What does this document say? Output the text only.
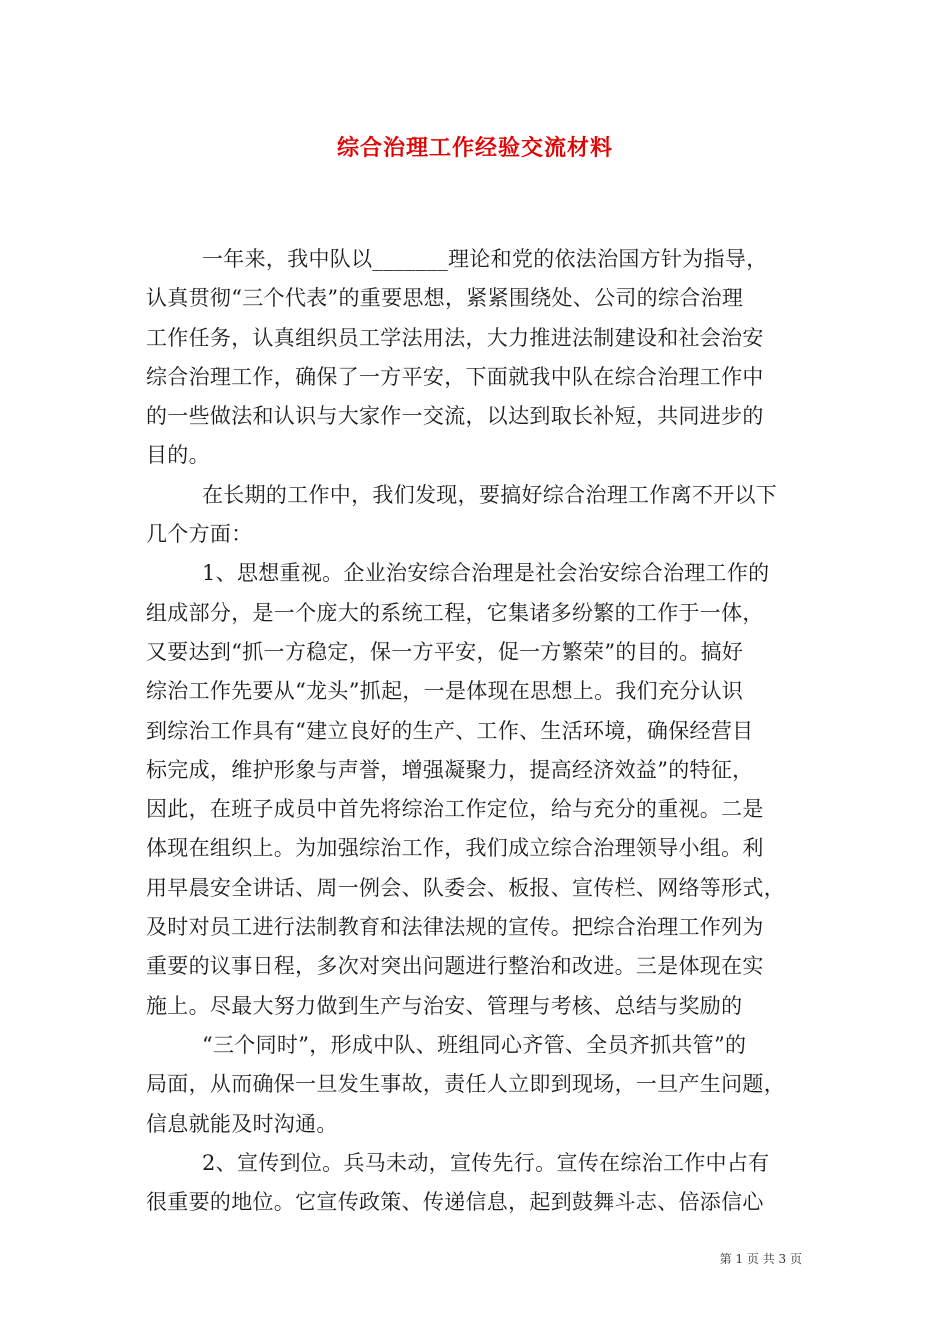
综合治理工作经验交流材料
一年来，我中队以_______理论和党的依法治国方针为指导，
认真贯彻“三个代表”的重要思想，紧紧围绕处、公司的综合治理
工作任务，认真组织员工学法用法，大力推进法制建设和社会治安
综合治理工作，确保了一方平安，下面就我中队在综合治理工作中
的一些做法和认识与大家作一交流，以达到取长补短，共同进步的
目的。
在长期的工作中，我们发现，要搞好综合治理工作离不开以下
几个方面：
1、思想重视。企业治安综合治理是社会治安综合治理工作的
组成部分，是一个庞大的系统工程，它集诸多纷繁的工作于一体，
又要达到“抓一方稳定，保一方平安，促一方繁荣”的目的。搞好
综治工作先要从“龙头”抓起，一是体现在思想上。我们充分认识
到综治工作具有“建立良好的生产、工作、生活环境，确保经营目
标完成，维护形象与声誉，增强凝聚力，提高经济效益”的特征，
因此，在班子成员中首先将综治工作定位，给与充分的重视。二是
体现在组织上。为加强综治工作，我们成立综合治理领导小组。利
用早晨安全讲话、周一例会、队委会、板报、宣传栏、网络等形式，
及时对员工进行法制教育和法律法规的宣传。把综合治理工作列为
重要的议事日程，多次对突出问题进行整治和改进。三是体现在实
施上。尽最大努力做到生产与治安、管理与考核、总结与奖励的
“三个同时”，形成中队、班组同心齐管、全员齐抓共管”的
局面，从而确保一旦发生事故，责任人立即到现场，一旦产生问题，
信息就能及时沟通。
2、宣传到位。兵马未动，宣传先行。宣传在综治工作中占有
很重要的地位。它宣传政策、传递信息，起到鼓舞斗志、倍添信心
第 1 页 共 3 页
